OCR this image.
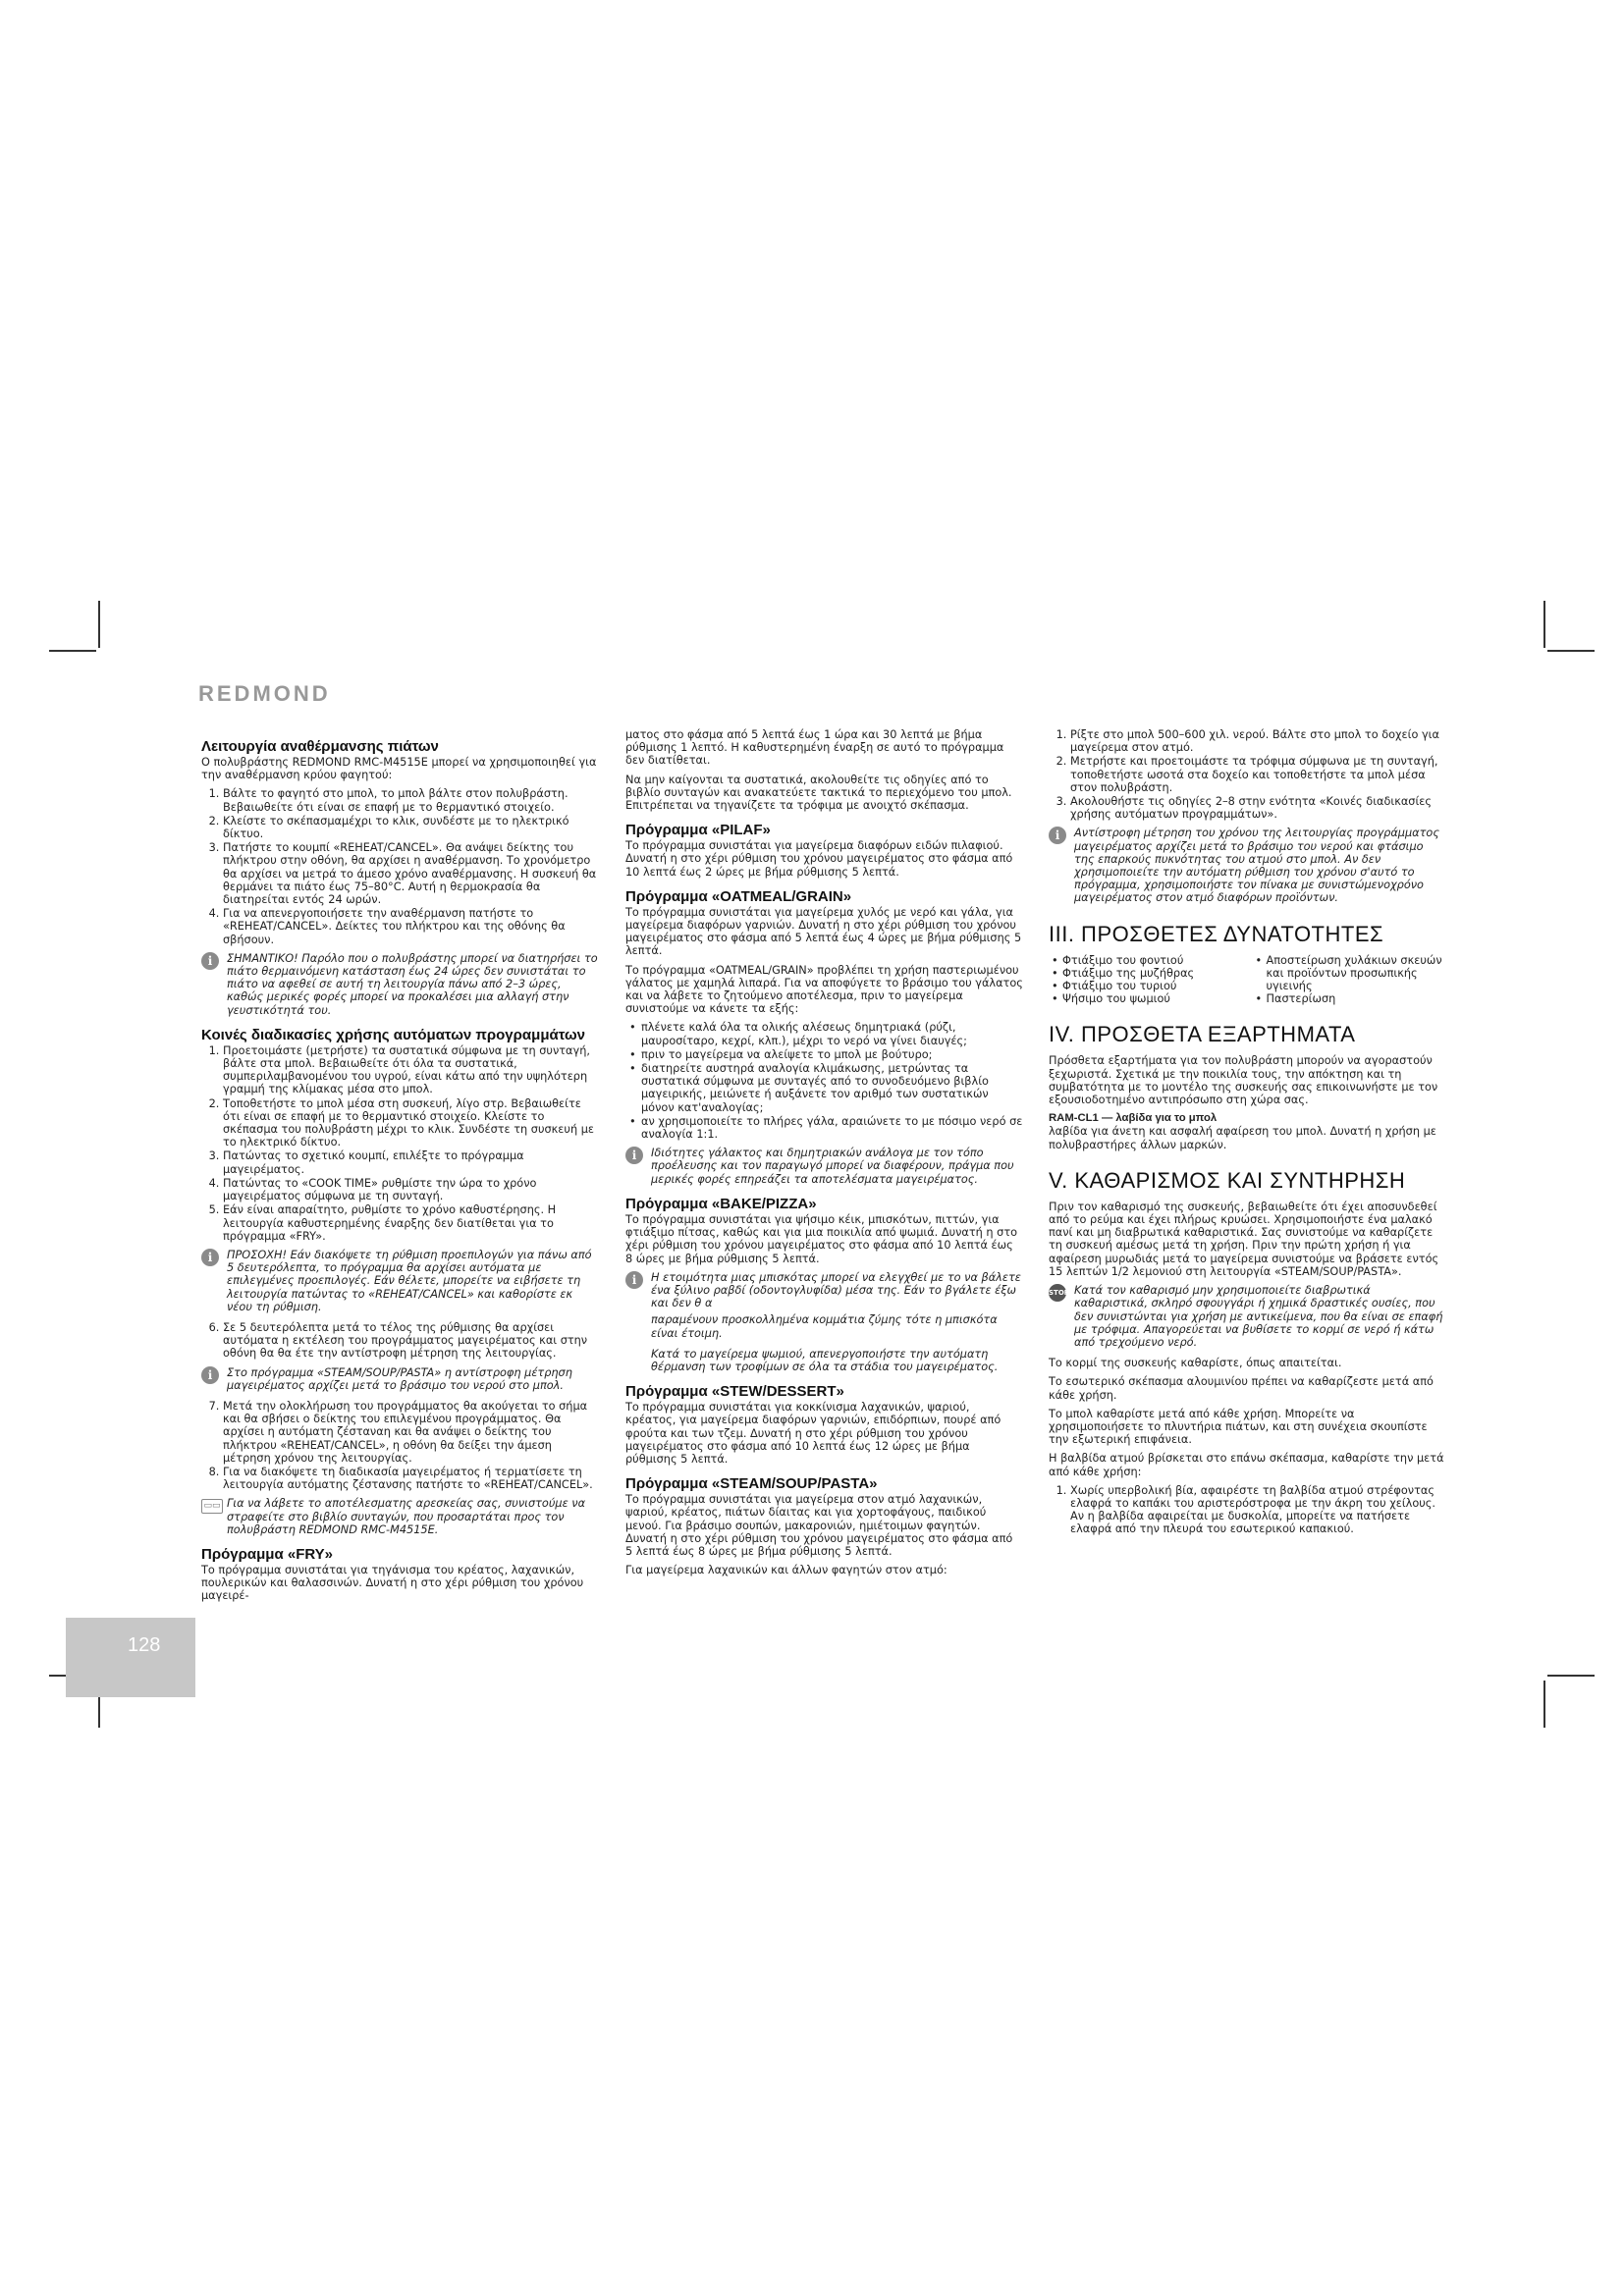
REDMOND
Λειτουργία αναθέρμανσης πιάτων

Ο πολυβράστης REDMOND RMC-M4515E μπορεί να χρησιμοποιηθεί για την αναθέρμανση κρύου φαγητού:

1. Βάλτε το φαγητό στο μπολ, το μπολ βάλτε στον πολυβράστη. Βεβαιωθείτε ότι είναι σε επαφή με το θερμαντικό στοιχείο.
2. Κλείστε το σκέπασμαμέχρι το κλικ, συνδέστε με το ηλεκτρικό δίκτυο.
3. Πατήστε το κουμπί «REHEAT/CANCEL». Θα ανάψει δείκτης του πλήκτρου στην οθόνη, θα αρχίσει η αναθέρμανση. Το χρονόμετρο θα αρχίσει να μετρά το άμεσο χρόνο αναθέρμανσης. Η συσκευή θα θερμάνει τα πιάτο έως 75–80°C. Αυτή η θερμοκρασία θα διατηρείται εντός 24 ωρών.
4. Για να απενεργοποιήσετε την αναθέρμανση πατήστε το «REHEAT/CANCEL». Δείκτες του πλήκτρου και της οθόνης θα σβήσουν.
i	ΣΗΜΑΝΤΙΚΟ! Παρόλο που ο πολυβράστης μπορεί να διατηρήσει το πιάτο θερμαινόμενη κατάσταση έως 24 ώρες δεν συνιστάται το πιάτο να αφεθεί σε αυτή τη λειτουργία πάνω από 2–3 ώρες, καθώς μερικές φορές μπορεί να προκαλέσει μια αλλαγή στην γευστικότητά του.
Κοινές διαδικασίες χρήσης αυτόματων προγραμμάτων
1. Προετοιμάστε (μετρήστε) τα συστατικά σύμφωνα με τη συνταγή, βάλτε στα μπολ. Βεβαιωθείτε ότι όλα τα συστατικά, συμπεριλαμβανομένου του υγρού, είναι κάτω από την υψηλότερη γραμμή της κλίμακας μέσα στο μπολ.
2. Τοποθετήστε το μπολ μέσα στη συσκευή, λίγο στρ. Βεβαιωθείτε ότι είναι σε επαφή με το θερμαντικό στοιχείο. Κλείστε το σκέπασμα του πολυβράστη μέχρι το κλικ. Συνδέστε τη συσκευή με το ηλεκτρικό δίκτυο.
3. Πατώντας το σχετικό κουμπί, επιλέξτε το πρόγραμμα μαγειρέματος.
4. Πατώντας το «COOK TIME» ρυθμίστε την ώρα το χρόνο μαγειρέματος σύμφωνα με τη συνταγή.
5. Εάν είναι απαραίτητο, ρυθμίστε το χρόνο καθυστέρησης. Η λειτουργία καθυστερημένης έναρξης δεν διατίθεται για το πρόγραμμα «FRY».
i	ΠΡΟΣΟΧΗ! Εάν διακόψετε τη ρύθμιση προεπιλογών για πάνω από 5 δευτερόλεπτα, το πρόγραμμα θα αρχίσει αυτόματα με επιλεγμένες προεπιλογές. Εάν θέλετε, μπορείτε να ειβήσετε τη λειτουργία πατώντας το «REHEAT/CANCEL» και καθορίστε εκ νέου τη ρύθμιση.
6. Σε 5 δευτερόλεπτα μετά το τέλος της ρύθμισης θα αρχίσει αυτόματα η εκτέλεση του προγράμματος μαγειρέματος και στην οθόνη θα θα έτε την αντίστροφη μέτρηση της λειτουργίας.
i	Στο πρόγραμμα «STEAM/SOUP/PASTA» η αντίστροφη μέτρηση μαγειρέματος αρχίζει μετά το βράσιμο του νερού στο μπολ.
7. Μετά την ολοκλήρωση του προγράμματος θα ακούγεται το σήμα και θα σβήσει ο δείκτης του επιλεγμένου προγράμματος. Θα αρχίσει η αυτόματη ζέσταναη και θα ανάψει ο δείκτης του πλήκτρου «REHEAT/CANCEL», η οθόνη θα δείξει την άμεση μέτρηση χρόνου της λειτουργίας.
8. Για να διακόψετε τη διαδικασία μαγειρέματος ή τερματίσετε τη λειτουργία αυτόματης ζέστανσης πατήστε το «REHEAT/CANCEL».
▭▭ Για να λάβετε το αποτέλεσματης αρεσκείας σας, συνιστούμε να στραφείτε στο βιβλίο συνταγών, που προσαρτάται προς τον πολυβράστη REDMOND RMC-M4515E.
Πρόγραμμα «FRY»

Το πρόγραμμα συνιστάται για τηγάνισμα του κρέατος, λαχανικών, πουλερικών και θαλασσινών. Δυνατή η στο χέρι ρύθμιση του χρόνου μαγειρέ-

ματος στο φάσμα από 5 λεπτά έως 1 ώρα και 30 λεπτά με βήμα ρύθμισης 1 λεπτό. Η καθυστερημένη έναρξη σε αυτό το πρόγραμμα δεν διατίθεται.

Να μην καίγονται τα συστατικά, ακολουθείτε τις οδηγίες από το βιβλίο συνταγών και ανακατεύετε τακτικά το περιεχόμενο του μπολ. Επιτρέπεται να τηγανίζετε τα τρόφιμα με ανοιχτό σκέπασμα.

Πρόγραμμα «PILAF»

Το πρόγραμμα συνιστάται για μαγείρεμα διαφόρων ειδών πιλαφιού. Δυνατή η στο χέρι ρύθμιση του χρόνου μαγειρέματος στο φάσμα από 10 λεπτά έως 2 ώρες με βήμα ρύθμισης 5 λεπτά.

Πρόγραμμα «OATMEAL/GRAIN»

Το πρόγραμμα συνιστάται για μαγείρεμα χυλός με νερό και γάλα, για μαγείρεμα διαφόρων γαρνιών. Δυνατή η στο χέρι ρύθμιση του χρόνου μαγειρέματος στο φάσμα από 5 λεπτά έως 4 ώρες με βήμα ρύθμισης 5 λεπτά.

Το πρόγραμμα «OATMEAL/GRAIN» προβλέπει τη χρήση παστεριωμένου γάλατος με χαμηλά λιπαρά. Για να αποφύγετε το βράσιμο του γάλατος και να λάβετε το ζητούμενο αποτέλεσμα, πριν το μαγείρεμα συνιστούμε να κάνετε τα εξής:

• πλένετε καλά όλα τα ολικής αλέσεως δημητριακά (ρύζι, μαυροσίταρο, κεχρί, κλπ.), μέχρι το νερό να γίνει διαυγές;
• πριν το μαγείρεμα να αλείψετε το μπολ με βούτυρο;
• διατηρείτε αυστηρά αναλογία κλιμάκωσης, μετρώντας τα συστατικά σύμφωνα με συνταγές από το συνοδευόμενο βιβλίο μαγειρικής, μειώνετε ή αυξάνετε τον αριθμό των συστατικών μόνον κατ'αναλογίας;
• αν χρησιμοποιείτε το πλήρες γάλα, αραιώνετε το με πόσιμο νερό σε αναλογία 1:1.
i	Ιδιότητες γάλακτος και δημητριακών ανάλογα με τον τόπο προέλευσης και τον παραγωγό μπορεί να διαφέρουν, πράγμα που μερικές φορές επηρεάζει τα αποτελέσματα μαγειρέματος.
Πρόγραμμα «BAKE/PIZZA»

Το πρόγραμμα συνιστάται για ψήσιμο κέικ, μπισκότων, πιττών, για φτιάξιμο πίτσας, καθώς και για μια ποικιλία από ψωμιά. Δυνατή η στο χέρι ρύθμιση του χρόνου μαγειρέματος στο φάσμα από 10 λεπτά έως 8 ώρες με βήμα ρύθμισης 5 λεπτά.

i	Η ετοιμότητα μιας μπισκότας μπορεί να ελεγχθεί με το να βάλετε ένα ξύλινο ραβδί (οδοντογλυφίδα) μέσα της. Εάν το βγάλετε έξω και δεν θ α

παραμένουν προσκολλημένα κομμάτια ζύμης τότε η μπισκότα είναι έτοιμη.

Κατά το μαγείρεμα ψωμιού, απενεργοποιήστε την αυτόματη θέρμανση των τροφίμων σε όλα τα στάδια του μαγειρέματος.

Πρόγραμμα «STEW/DESSERT»

Το πρόγραμμα συνιστάται για κοκκίνισμα λαχανικών, ψαριού, κρέατος, για μαγείρεμα διαφόρων γαρνιών, επιδόρπιων, πουρέ από φρούτα και των τζεμ. Δυνατή η στο χέρι ρύθμιση του χρόνου μαγειρέματος στο φάσμα από 10 λεπτά έως 12 ώρες με βήμα ρύθμισης 5 λεπτά.

Πρόγραμμα «STEAM/SOUP/PASTA»

Το πρόγραμμα συνιστάται για μαγείρεμα στον ατμό λαχανικών, ψαριού, κρέατος, πιάτων δίαιτας και για χορτοφάγους, παιδικού μενού. Για βράσιμο σουπών, μακαρονιών, ημιέτοιμων φαγητών. Δυνατή η στο χέρι ρύθμιση του χρόνου μαγειρέματος στο φάσμα από 5 λεπτά έως 8 ώρες με βήμα ρύθμισης 5 λεπτά.

Για μαγείρεμα λαχανικών και άλλων φαγητών στον ατμό:

1. Ρίξτε στο μπολ 500–600 χιλ. νερού. Βάλτε στο μπολ το δοχείο για μαγείρεμα στον ατμό.
2. Μετρήστε και προετοιμάστε τα τρόφιμα σύμφωνα με τη συνταγή, τοποθετήστε ωσοτά στα δοχείο και τοποθετήστε τα μπολ μέσα στον πολυβράστη.
3. Ακολουθήστε τις οδηγίες 2–8 στην ενότητα «Κοινές διαδικασίες χρήσης αυτόματων προγραμμάτων».
i	Αντίστροφη μέτρηση του χρόνου της λειτουργίας προγράμματος μαγειρέματος αρχίζει μετά το βράσιμο του νερού και φτάσιμο της επαρκούς πυκνότητας του ατμού στο μπολ. Αν δεν χρησιμοποιείτε την αυτόματη ρύθμιση του χρόνου σ'αυτό το πρόγραμμα, χρησιμοποιήστε τον πίνακα με συνιστώμενοχρόνο μαγειρέματος στον ατμό διαφόρων προϊόντων.
III. ΠΡΟΣΘΕΤΕΣ ΔΥΝΑΤΟΤΗΤΕΣ
• Φτιάξιμο του φοντιού
• Φτιάξιμο της μυζήθρας
• Φτιάξιμο του τυριού
• Ψήσιμο του ψωμιού
• Αποστείρωση χυλάκιων σκευών και προϊόντων προσωπικής υγιεινής
• Παστερίωση
IV. ΠΡΟΣΘΕΤΑ ΕΞΑΡΤΗΜΑΤΑ

Πρόσθετα εξαρτήματα για τον πολυβράστη μπορούν να αγοραστούν ξεχωριστά. Σχετικά με την ποικιλία τους, την απόκτηση και τη συμβατότητα με το μοντέλο της συσκευής σας επικοινωνήστε με τον εξουσιοδοτημένο αντιπρόσωπο στη χώρα σας.

RAM-CL1 — λαβίδα για το μπολ

λαβίδα για άνετη και ασφαλή αφαίρεση του μπολ. Δυνατή η χρήση με πολυβραστήρες άλλων μαρκών.

V. ΚΑΘΑΡΙΣΜΟΣ ΚΑΙ ΣΥΝΤΗΡΗΣΗ

Πριν τον καθαρισμό της συσκευής, βεβαιωθείτε ότι έχει αποσυνδεθεί από το ρεύμα και έχει πλήρως κρυώσει. Χρησιμοποιήστε ένα μαλακό πανί και μη διαβρωτικά καθαριστικά. Σας συνιστούμε να καθαρίζετε τη συσκευή αμέσως μετά τη χρήση. Πριν την πρώτη χρήση ή για αφαίρεση μυρωδιάς μετά το μαγείρεμα συνιστούμε να βράσετε εντός 15 λεπτών 1/2 λεμονιού στη λειτουργία «STEAM/SOUP/PASTA».

STOP Κατά τον καθαρισμό μην χρησιμοποιείτε διαβρωτικά καθαριστικά, σκληρό σφουγγάρι ή χημικά δραστικές ουσίες, που δεν συνιστώνται για χρήση με αντικείμενα, που θα είναι σε επαφή με τρόφιμα. Απαγορεύεται να βυθίσετε το κορμί σε νερό ή κάτω από τρεχούμενο νερό.

Το κορμί της συσκευής καθαρίστε, όπως απαιτείται.

Το εσωτερικό σκέπασμα αλουμινίου πρέπει να καθαρίζεστε μετά από κάθε χρήση.

Το μπολ καθαρίστε μετά από κάθε χρήση. Μπορείτε να χρησιμοποιήσετε το πλυντήρια πιάτων, και στη συνέχεια σκουπίστε την εξωτερική επιφάνεια.

Η βαλβίδα ατμού βρίσκεται στο επάνω σκέπασμα, καθαρίστε την μετά από κάθε χρήση:

1. Χωρίς υπερβολική βία, αφαιρέστε τη βαλβίδα ατμού στρέφοντας ελαφρά το καπάκι του αριστερόστροφα με την άκρη του χείλους. Αν η βαλβίδα αφαιρείται με δυσκολία, μπορείτε να πατήσετε ελαφρά από την πλευρά του εσωτερικού καπακιού.
128
